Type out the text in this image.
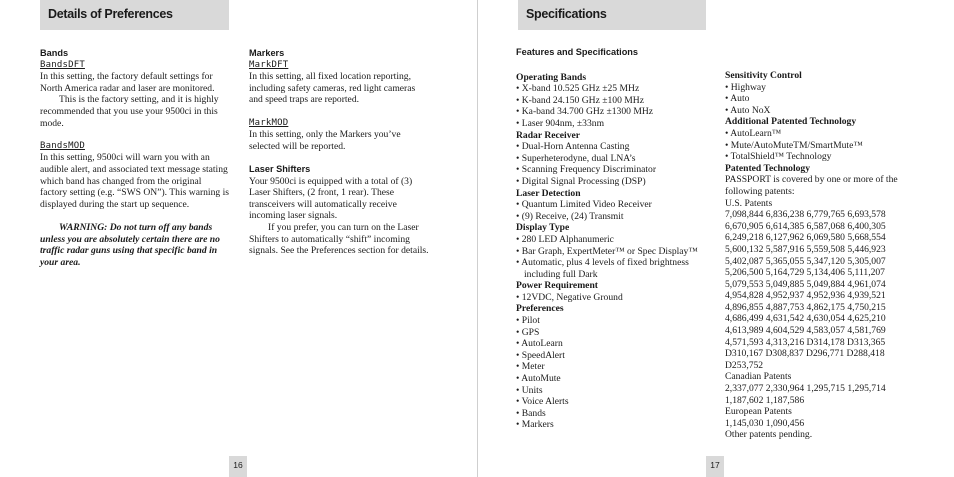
Details of Preferences
Bands
BandsDFT

In this setting, the factory default settings for North America radar and laser are monitored.

This is the factory setting, and it is highly recommended that you use your 9500ci in this mode.

BandsMOD

In this setting, 9500ci will warn you with an audible alert, and associated text message stating which band has changed from the original factory setting (e.g. “SWS ON”). This warning is displayed during the start up sequence.

WARNING: Do not turn off any bands unless you are absolutely certain there are no traffic radar guns using that specific band in your area.

Markers
MarkDFT

In this setting, all fixed location reporting, including safety cameras, red light cameras and speed traps are reported.

MarkMOD

In this setting, only the Markers you’ve selected will be reported.

Laser Shifters

Your 9500ci is equipped with a total of (3) Laser Shifters, (2 front, 1 rear). These transceivers will automatically receive incoming laser signals.

If you prefer, you can turn on the Laser Shifters to automatically “shift” incoming signals. See the Preferences section for details.

16
Specifications
Features and Specifications
Operating Bands
• X-band 10.525 GHz ±25 MHz
• K-band 24.150 GHz ±100 MHz
• Ka-band 34.700 GHz ±1300 MHz
• Laser 904nm, ±33nm
Radar Receiver
• Dual-Horn Antenna Casting
• Superheterodyne, dual LNA’s
• Scanning Frequency Discriminator
• Digital Signal Processing (DSP)
Laser Detection
• Quantum Limited Video Receiver
• (9) Receive, (24) Transmit
Display Type
• 280 LED Alphanumeric
• Bar Graph, ExpertMeter™ or Spec Display™
• Automatic, plus 4 levels of fixed brightness including full Dark
Power Requirement
• 12VDC, Negative Ground
Preferences
• Pilot
• GPS
• AutoLearn
• SpeedAlert
• Meter
• AutoMute
• Units
• Voice Alerts
• Bands
• Markers
Sensitivity Control
• Highway
• Auto
• Auto NoX
Additional Patented Technology
• AutoLearn™
• Mute/AutoMuteTM/SmartMute™
• TotalShield™ Technology
Patented Technology

PASSPORT is covered by one or more of the following patents:

U.S. Patents
7,098,844 6,836,238 6,779,765 6,693,578
6,670,905 6,614,385 6,587,068 6,400,305
6,249,218 6,127,962 6,069,580 5,668,554
5,600,132 5,587,916 5,559,508 5,446,923
5,402,087 5,365,055 5,347,120 5,305,007
5,206,500 5,164,729 5,134,406 5,111,207
5,079,553 5,049,885 5,049,884 4,961,074
4,954,828 4,952,937 4,952,936 4,939,521
4,896,855 4,887,753 4,862,175 4,750,215
4,686,499 4,631,542 4,630,054 4,625,210
4,613,989 4,604,529 4,583,057 4,581,769
4,571,593 4,313,216 D314,178 D313,365
D310,167 D308,837 D296,771 D288,418
D253,752
Canadian Patents
2,337,077 2,330,964 1,295,715 1,295,714
1,187,602 1,187,586
European Patents
1,145,030 1,090,456
Other patents pending.
17
